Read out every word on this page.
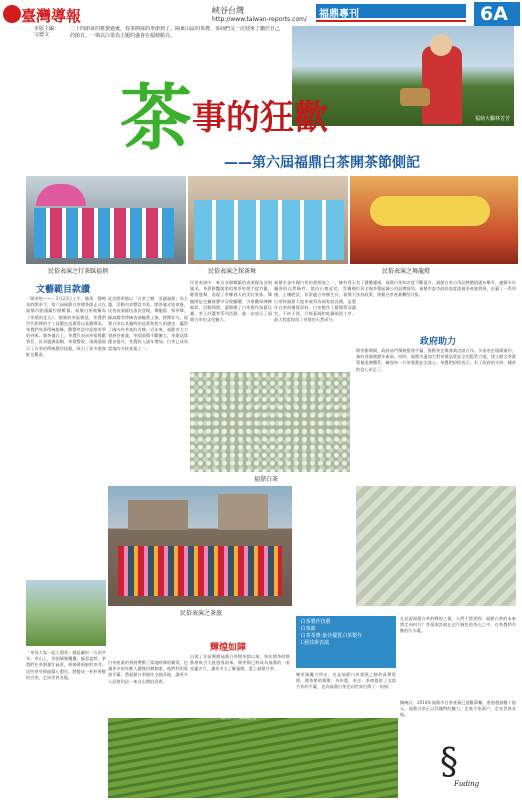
臺灣導報	峽谷台灣
http://www.taiwan-reports.com/ 福鼎專刊	6A
本版主編：
文德文
二十四節氣的驚蟄過後，春茶開採的季節到了。閩東山區的茶農、茶商們又一次迎來了屬於自己的節日。一場以白茶為主題的盛會在福鼎點亮。
福鼎大鵬林芳芳
茶 事的狂歡
——第六屆福鼎白茶開茶節側記
民俗表演之行茶踩福禧	民俗表演之採茶舞	民俗表演之舞龍燈
文藝範目款讚
「開茶咯——」3月23日上午，隨著一聲嘹亮的開茶令，第六屆福鼎白茶開茶節正式在福鼎市點頭鎮拉開帷幕。福鼎白茶被稱為《茶葉的化石》，閩東的茶區綿延，茶農們世代相傳的手工技藝在這裏得以延續傳承。茶農們身著傳統服飾，歡聲笑語中迎接茶季的到來。開茶儀式上，茶農代表向茶祖敬獻香茗，祈求風調雨順、茶葉豐收。現場還展示了白茶的傳統製作技藝，吸引了眾多遊客駐足觀看。
此次開茶節以「白茶之鄉‧美麗福鼎」為主題，活動內容豐富多彩。開茶儀式結束後，民俗表演隊伍依次登場，舞龍燈、採茶舞、踩高蹺等傳統表演輪番上演，熱鬧非凡。福鼎白茶以其獨特的品質和悠久的歷史，贏得了國內外茶客的青睞。近年來，福鼎市大力發展茶產業，茶園面積不斷擴大，茶葉品質穩步提升，茶農收入逐年增加，白茶已成為當地的支柱產業之一。
民俗表演中，來自各個鄉鎮的表演隊伍各展風采。身著鮮豔服裝的採茶姑娘手提竹籃，輕歌曼舞，再現了茶鄉春天的美好景象。舞龍隊伍在鑼鼓聲中穿梭騰躍，引來觀眾陣陣喝彩。活動期間，還舉辦了白茶製作技藝比賽、茶王評選等系列活動，進一步展示了福鼎白茶的文化魅力。
福鼎市是中國白茶的發源地之一，擁有得天獨厚的自然條件。境內山巒起伏，雲霧繚繞，土壤肥沃，非常適合茶樹生長。福鼎大白茶和福鼎大毫茶被列為國家級良種，是製作白茶的優質原料。白茶製作工藝簡單而講究，不炒不揉，只經萎凋和乾燥兩道工序，最大程度保留了茶葉的天然成分。
福鼎白茶
有了健體護康，福鼎白茶知名度不斷提升。福鼎白茶公用品牌價值逐年攀升，連續多年位居全國茶葉區域公用品牌前列。福鼎市委市政府高度重視茶產業發展，出臺了一系列扶持政策，推動白茶產業轉型升級。
政府助力
開茶節期間，政府部門積極搭建平臺，推動茶企與客商洽談合作。多家茶企現場簽約，簽約金額創歷年新高。同時，福鼎市還加大對茶葉品質安全的監管力度，建立健全茶葉質量追溯體系，確保每一片茶葉都安全放心。茶農們紛紛表示，有了政府的支持，種茶的信心更足了。
民俗表演之茶旅
‧白茶製作技藝
‧白茶節
‧白茶茶農‧最佳優質白茶製作
工藝技術表演
「茶為大家一起上場茶」總是屬於一方的共享。茶山上，茶園層層疊疊，綠意盎然。茶農們在茶園裏忙碌著，採摘著新鮮的茶芽。這些茶芽經過精心製作，將變成一杯杯香醇的白茶，走向世界各地。
白茶產業的發展帶動了當地經濟的繁榮，也讓更多的年輕人選擇回鄉創業。他們利用電商平臺，將福鼎白茶銷往全國各地，讓更多人品嘗到這一來自山間的清香。
輝煌如陣
自從了年前興辦福鼎白茶開茶節以來，每年開茶時節都會吸引大批遊客前來。開茶節已經成為福鼎的一張亮麗名片，讓更多人了解福鼎、愛上福鼎白茶。
鄉茶業魔力所在，也是福鼎白茶發展之路的真實寫照。開茶節的舉辦，為茶農、茶企、茶商提供了交流合作的平臺，也為福鼎白茶走向世界打開了一扇窗。
在見證福鼎白茶的輝煌之後，人們不禁要問：福鼎白茶的未來將走向何方？答案或許就在這片綠色的茶山之中，在茶農們辛勤的汗水裏。
福鼎茶鄉風光
據統計，2018年福鼎市白茶產量已達數萬噸，產值超過數十億元。福鼎白茶正以其獨特的魅力，走進千家萬戶，走向世界各地。
§
Fuding
